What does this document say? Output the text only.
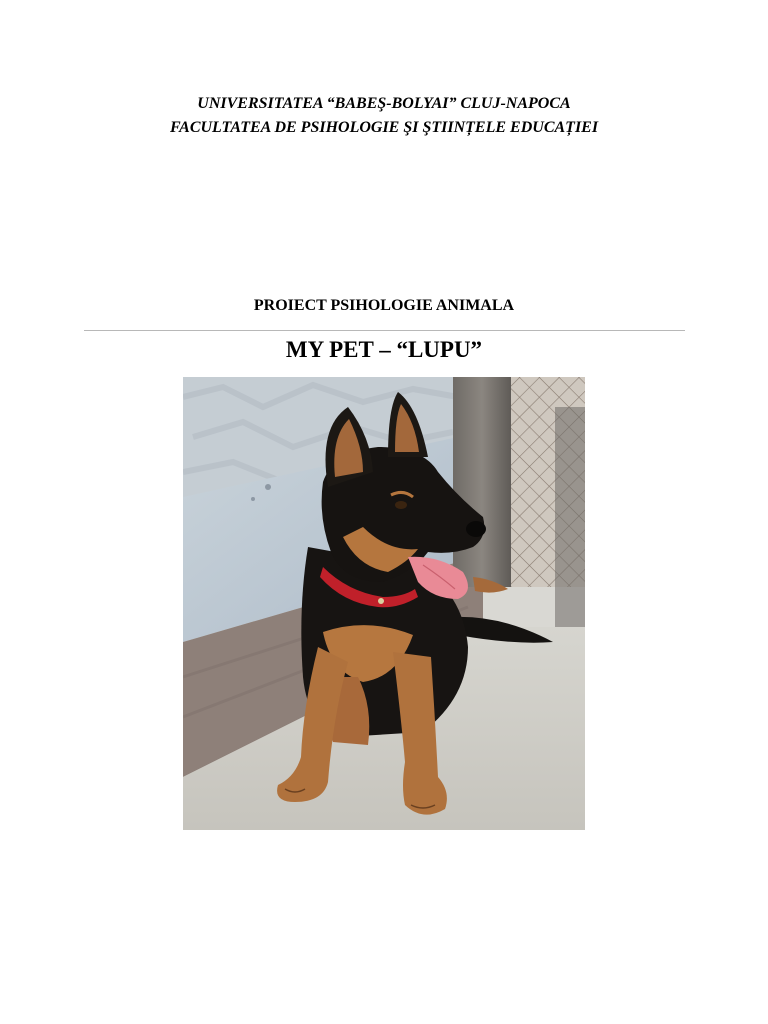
UNIVERSITATEA “BABEŞ-BOLYAI” CLUJ-NAPOCA
FACULTATEA DE PSIHOLOGIE ŞI ŞTIINȚELE EDUCAȚIEI
PROIECT PSIHOLOGIE ANIMALA
MY PET – “LUPU”
